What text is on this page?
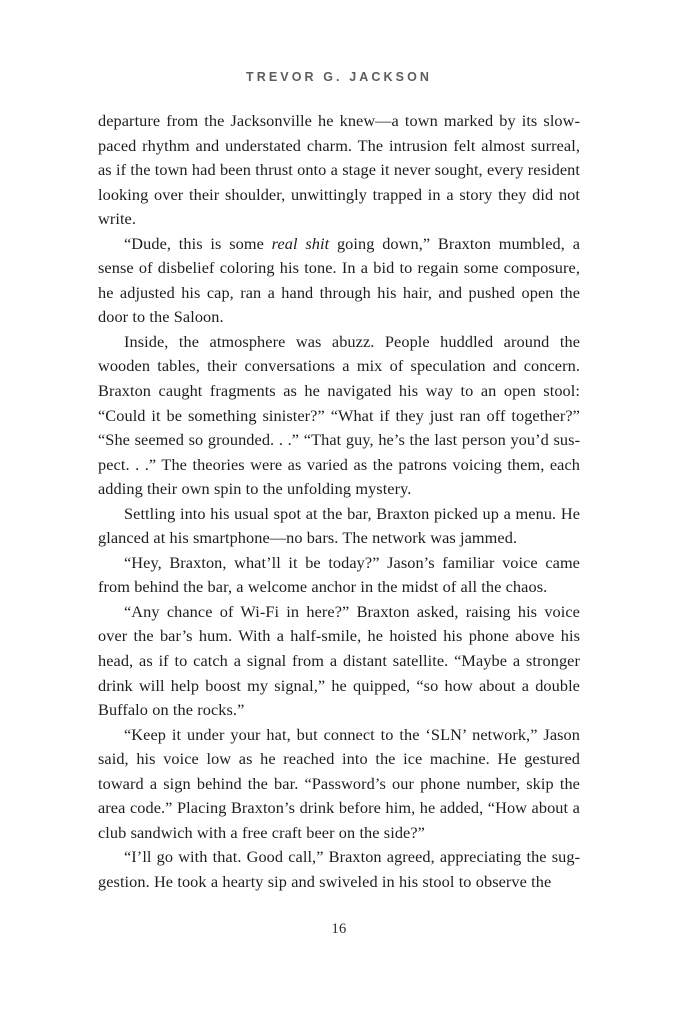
TREVOR G. JACKSON

departure from the Jacksonville he knew—a town marked by its slow-paced rhythm and understated charm. The intrusion felt almost surreal, as if the town had been thrust onto a stage it never sought, every resident looking over their shoulder, unwittingly trapped in a story they did not write.

“Dude, this is some real shit going down,” Braxton mumbled, a sense of disbelief coloring his tone. In a bid to regain some composure, he adjusted his cap, ran a hand through his hair, and pushed open the door to the Saloon.

Inside, the atmosphere was abuzz. People huddled around the wooden tables, their conversations a mix of speculation and concern. Braxton caught fragments as he navigated his way to an open stool: “Could it be something sinister?” “What if they just ran off together?” “She seemed so grounded. . .” “That guy, he’s the last person you’d suspect. . .” The theories were as varied as the patrons voicing them, each adding their own spin to the unfolding mystery.

Settling into his usual spot at the bar, Braxton picked up a menu. He glanced at his smartphone—no bars. The network was jammed.

“Hey, Braxton, what’ll it be today?” Jason’s familiar voice came from behind the bar, a welcome anchor in the midst of all the chaos.

“Any chance of Wi-Fi in here?” Braxton asked, raising his voice over the bar’s hum. With a half-smile, he hoisted his phone above his head, as if to catch a signal from a distant satellite. “Maybe a stronger drink will help boost my signal,” he quipped, “so how about a double Buffalo on the rocks.”

“Keep it under your hat, but connect to the ‘SLN’ network,” Jason said, his voice low as he reached into the ice machine. He gestured toward a sign behind the bar. “Password’s our phone number, skip the area code.” Placing Braxton’s drink before him, he added, “How about a club sandwich with a free craft beer on the side?”

“I’ll go with that. Good call,” Braxton agreed, appreciating the suggestion. He took a hearty sip and swiveled in his stool to observe the

16
